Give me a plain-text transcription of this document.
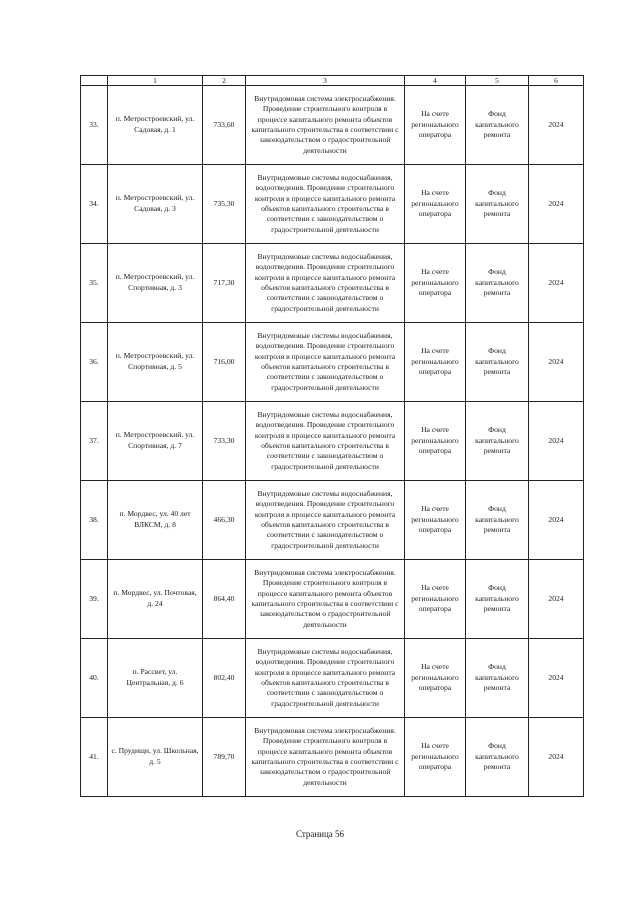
	1	2	3	4	5	6
33.	п. Метростроевский, ул. Садовая, д. 1	733,60	Внутридомовая система электроснабжения. Проведение строительного контроля в процессе капитального ремонта объектов капитального строительства в соответствии с законодательством о градостроительной деятельности	На счете регионального оператора	Фонд капитального ремонта	2024
34.	п. Метростроевский, ул. Садовая, д. 3	735,30	Внутридомовые системы водоснабжения, водоотведения. Проведение строительного контроля в процессе капитального ремонта объектов капитального строительства в соответствии с законодательством о градостроительной деятельности	На счете регионального оператора	Фонд капитального ремонта	2024
35.	п. Метростроевский, ул. Спортивная, д. 3	717,30	Внутридомовые системы водоснабжения, водоотведения. Проведение строительного контроля в процессе капитального ремонта объектов капитального строительства в соответствии с законодательством о градостроительной деятельности	На счете регионального оператора	Фонд капитального ремонта	2024
36.	п. Метростроевский, ул. Спортивная, д. 5	716,00	Внутридомовые системы водоснабжения, водоотведения. Проведение строительного контроля в процессе капитального ремонта объектов капитального строительства в соответствии с законодательством о градостроительной деятельности	На счете регионального оператора	Фонд капитального ремонта	2024
37.	п. Метростроевский, ул. Спортивная, д. 7	733,30	Внутридомовые системы водоснабжения, водоотведения. Проведение строительного контроля в процессе капитального ремонта объектов капитального строительства в соответствии с законодательством о градостроительной деятельности	На счете регионального оператора	Фонд капитального ремонта	2024
38.	п. Мордвес, ул. 40 лет ВЛКСМ, д. 8	466,30	Внутридомовые системы водоснабжения, водоотведения. Проведение строительного контроля в процессе капитального ремонта объектов капитального строительства в соответствии с законодательством о градостроительной деятельности	На счете регионального оператора	Фонд капитального ремонта	2024
39.	п. Мордвес, ул. Почтовая, д. 24	864,40	Внутридомовая система электроснабжения. Проведение строительного контроля в процессе капитального ремонта объектов капитального строительства в соответствии с законодательством о градостроительной деятельности	На счете регионального оператора	Фонд капитального ремонта	2024
40.	п. Рассвет, ул. Центральная, д. 6	802,40	Внутридомовые системы водоснабжения, водоотведения. Проведение строительного контроля в процессе капитального ремонта объектов капитального строительства в соответствии с законодательством о градостроительной деятельности	На счете регионального оператора	Фонд капитального ремонта	2024
41.	с. Прудищи, ул. Школьная, д. 5	789,70	Внутридомовая система электроснабжения. Проведение строительного контроля в процессе капитального ремонта объектов капитального строительства в соответствии с законодательством о градостроительной деятельности	На счете регионального оператора	Фонд капитального ремонта	2024
Страница 56
